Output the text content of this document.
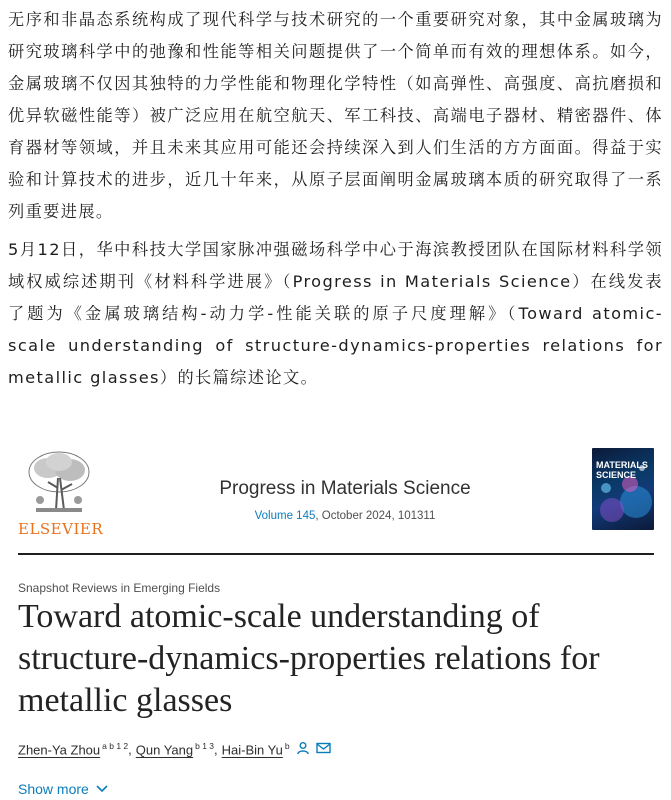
无序和非晶态系统构成了现代科学与技术研究的一个重要研究对象，其中金属玻璃为研究玻璃科学中的弛豫和性能等相关问题提供了一个简单而有效的理想体系。如今，金属玻璃不仅因其独特的力学性能和物理化学特性（如高弹性、高强度、高抗磨损和优异软磁性能等）被广泛应用在航空航天、军工科技、高端电子器材、精密器件、体育器材等领域，并且未来其应用可能还会持续深入到人们生活的方方面面。得益于实验和计算技术的进步，近几十年来，从原子层面阐明金属玻璃本质的研究取得了一系列重要进展。

5月12日，华中科技大学国家脉冲强磁场科学中心于海滨教授团队在国际材料科学领域权威综述期刊《材料科学进展》（Progress in Materials Science）在线发表了题为《金属玻璃结构-动力学-性能关联的原子尺度理解》（Toward atomic-scale understanding of structure-dynamics-properties relations for metallic glasses）的长篇综述论文。

ELSEVIER
Progress in Materials Science
Volume 145, October 2024, 101311
MATERIALS SCIENCE
Snapshot Reviews in Emerging Fields
Toward atomic-scale understanding of structure-dynamics-properties relations for metallic glasses
Zhen-Ya Zhou $^{a b 1 2}$ , Qun Yang $^{b 1 3}$ , Hai-Bin Yu $^b$
Show more
